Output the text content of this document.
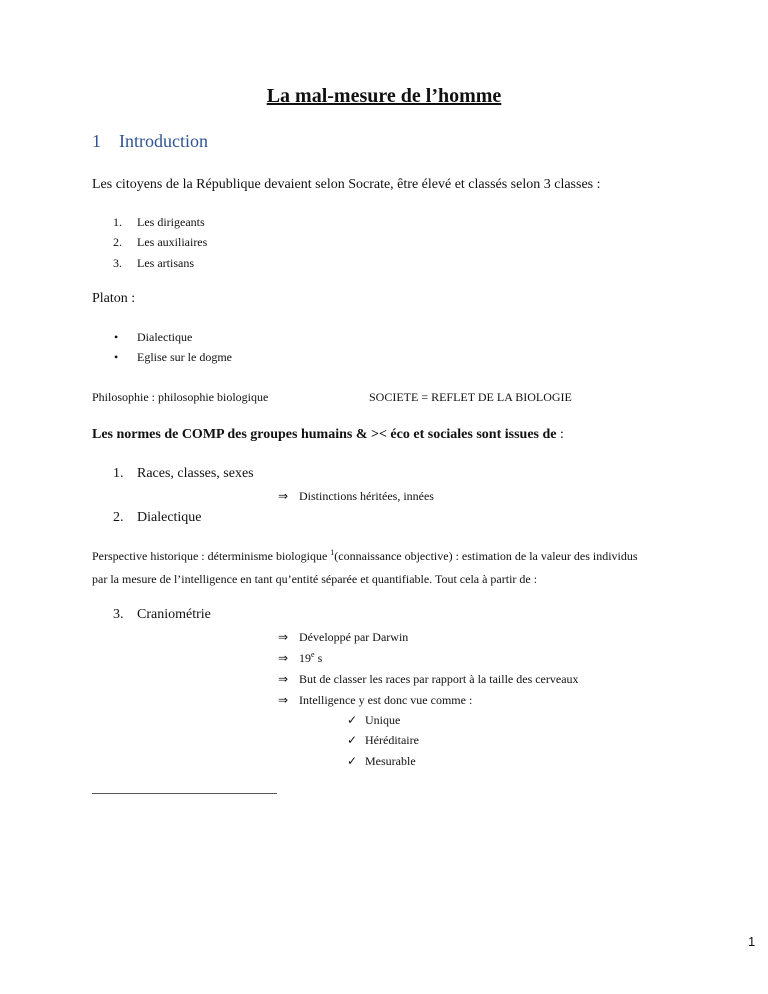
La mal-mesure de l’homme
1 Introduction
Les citoyens de la République devaient selon Socrate, être élevé et classés selon 3 classes :
1. Les dirigeants
2. Les auxiliaires
3. Les artisans
Platon :
• Dialectique
• Eglise sur le dogme
Philosophie : philosophie biologique	SOCIETE = REFLET DE LA BIOLOGIE
Les normes de COMP des groupes humains & >< éco et sociales sont issues de :
1. Races, classes, sexes
⇒ Distinctions héritées, innées
2. Dialectique
Perspective historique : déterminisme biologique $^1$(connaissance objective) : estimation de la valeur des individus
par la mesure de l’intelligence en tant qu’entité séparée et quantifiable. Tout cela à partir de :
3. Craniométrie
⇒ Développé par Darwin
⇒ 19e s
⇒ But de classer les races par rapport à la taille des cerveaux
⇒ Intelligence y est donc vue comme :
✓ Unique
✓ Héréditaire
✓ Mesurable
1
